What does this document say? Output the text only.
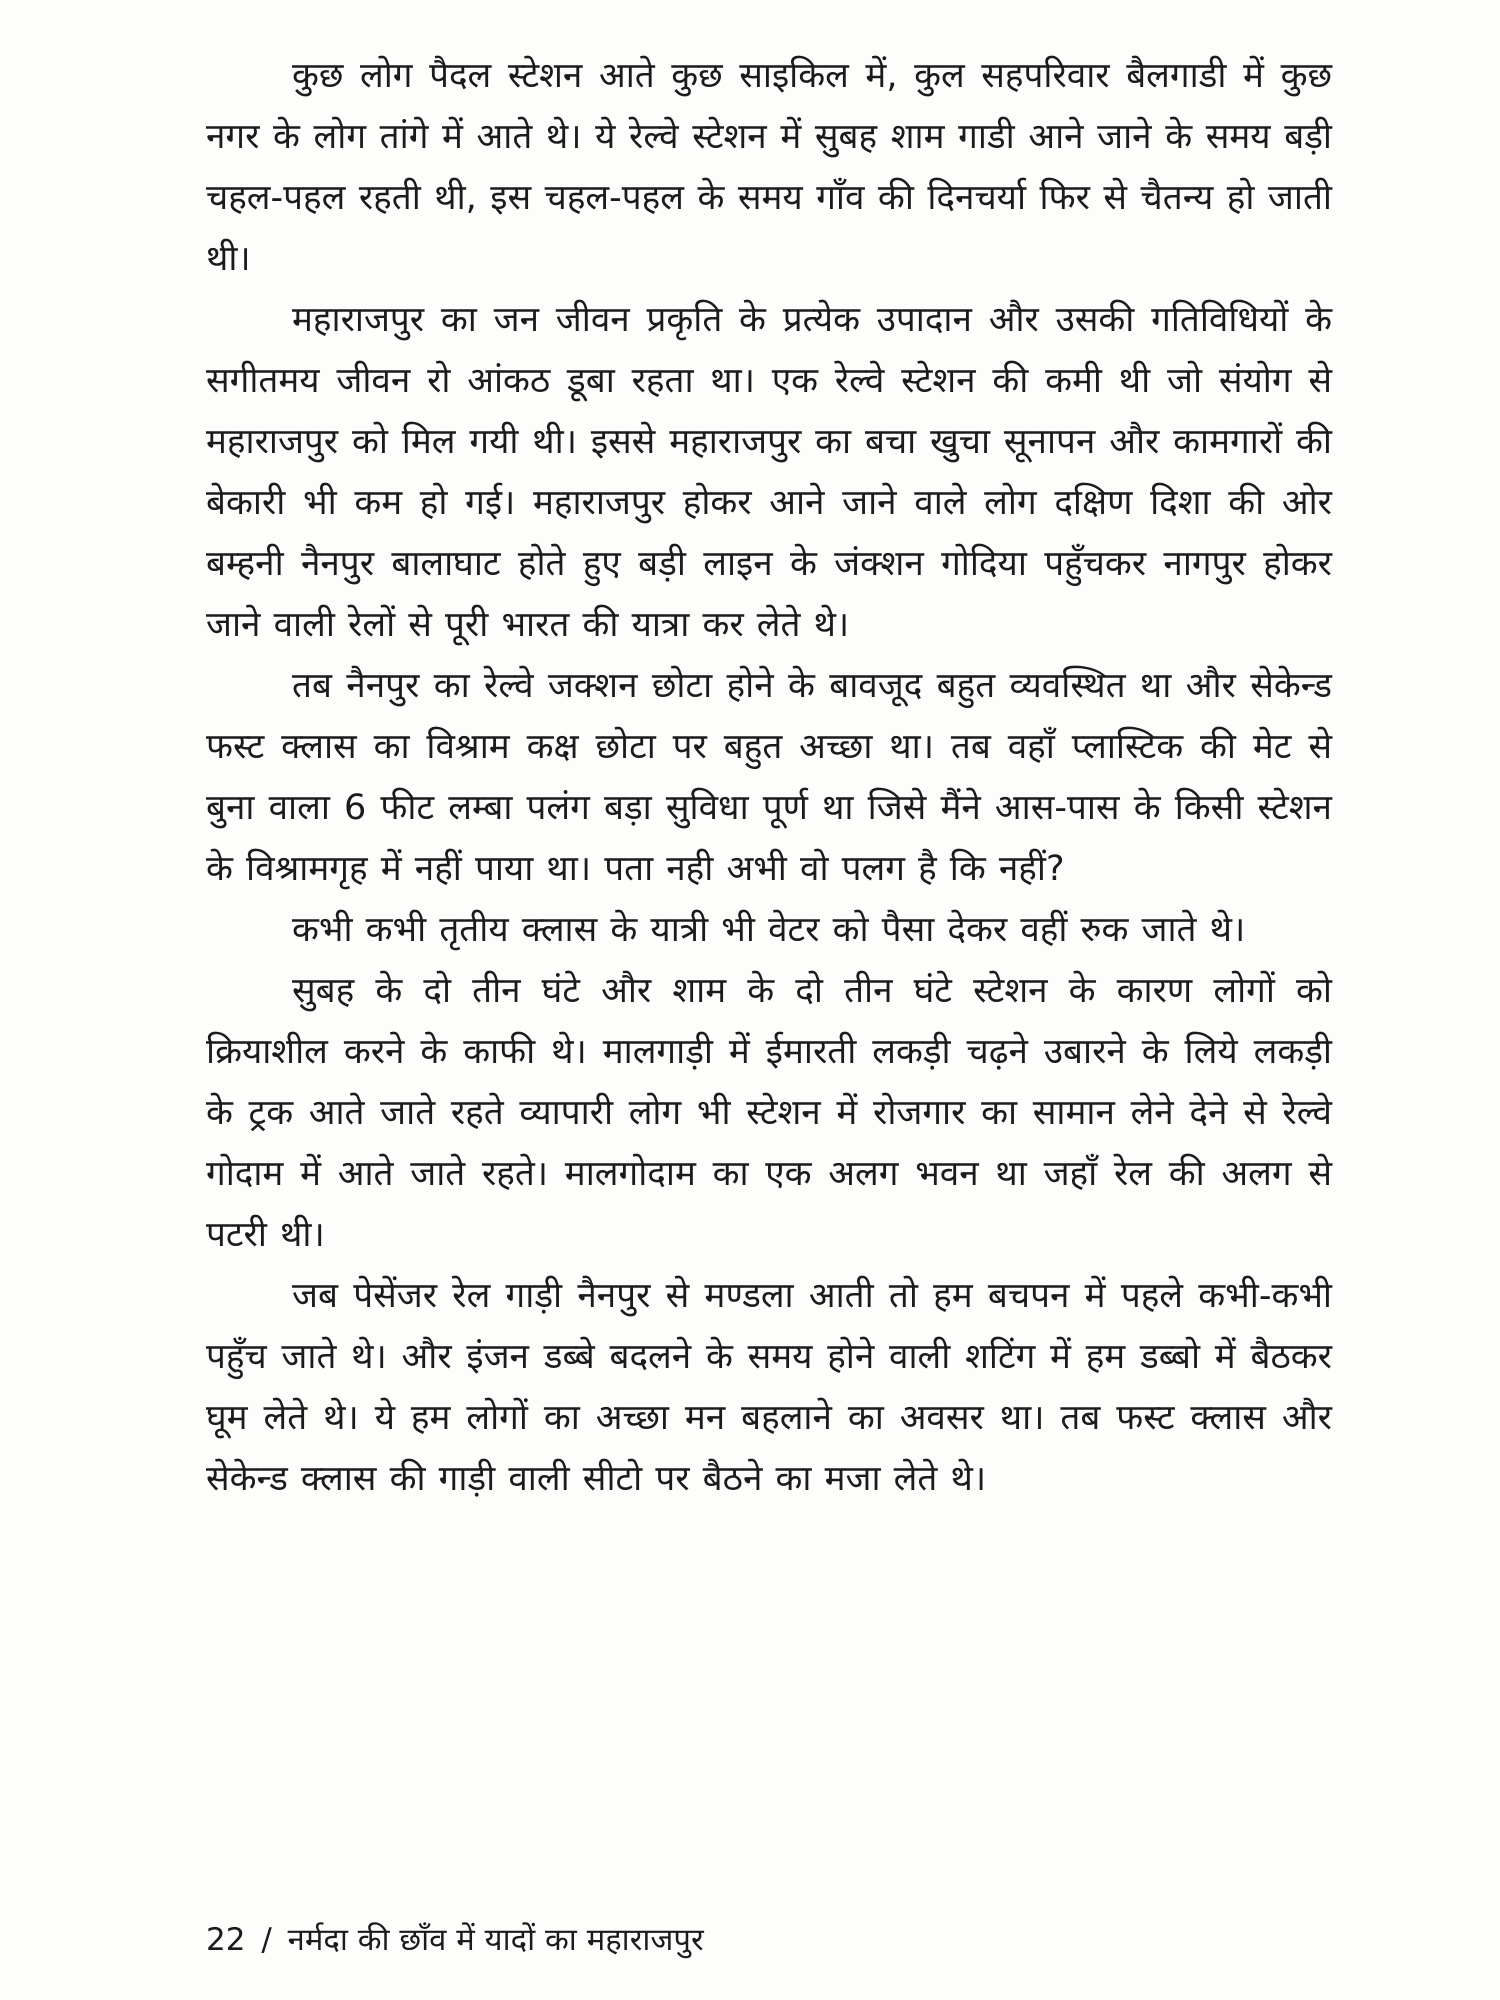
कुछ लोग पैदल स्टेशन आते कुछ साइकिल में, कुल सहपरिवार बैलगाडी में कुछ नगर के लोग तांगे में आते थे। ये रेल्वे स्टेशन में सुबह शाम गाडी आने जाने के समय बड़ी चहल-पहल रहती थी, इस चहल-पहल के समय गाँव की दिनचर्या फिर से चैतन्य हो जाती थी।

महाराजपुर का जन जीवन प्रकृति के प्रत्येक उपादान और उसकी गतिविधियों के सगीतमय जीवन रो आंकठ डूबा रहता था। एक रेल्वे स्टेशन की कमी थी जो संयोग से महाराजपुर को मिल गयी थी। इससे महाराजपुर का बचा खुचा सूनापन और कामगारों की बेकारी भी कम हो गई। महाराजपुर होकर आने जाने वाले लोग दक्षिण दिशा की ओर बम्हनी नैनपुर बालाघाट होते हुए बड़ी लाइन के जंक्शन गोदिया पहुँचकर नागपुर होकर जाने वाली रेलों से पूरी भारत की यात्रा कर लेते थे।

तब नैनपुर का रेल्वे जक्शन छोटा होने के बावजूद बहुत व्यवस्थित था और सेकेन्ड फस्ट क्लास का विश्राम कक्ष छोटा पर बहुत अच्छा था। तब वहाँ प्लास्टिक की मेट से बुना वाला 6 फीट लम्बा पलंग बड़ा सुविधा पूर्ण था जिसे मैंने आस-पास के किसी स्टेशन के विश्रामगृह में नहीं पाया था। पता नही अभी वो पलग है कि नहीं?

कभी कभी तृतीय क्लास के यात्री भी वेटर को पैसा देकर वहीं रुक जाते थे।

सुबह के दो तीन घंटे और शाम के दो तीन घंटे स्टेशन के कारण लोगों को क्रियाशील करने के काफी थे। मालगाड़ी में ईमारती लकड़ी चढ़ने उबारने के लिये लकड़ी के ट्रक आते जाते रहते व्यापारी लोग भी स्टेशन में रोजगार का सामान लेने देने से रेल्वे गोदाम में आते जाते रहते। मालगोदाम का एक अलग भवन था जहाँ रेल की अलग से पटरी थी।

जब पेसेंजर रेल गाड़ी नैनपुर से मण्डला आती तो हम बचपन में पहले कभी-कभी पहुँच जाते थे। और इंजन डब्बे बदलने के समय होने वाली शटिंग में हम डब्बो में बैठकर घूम लेते थे। ये हम लोगों का अच्छा मन बहलाने का अवसर था। तब फस्ट क्लास और सेकेन्ड क्लास की गाड़ी वाली सीटो पर बैठने का मजा लेते थे।

22 / नर्मदा की छाँव में यादों का महाराजपुर
